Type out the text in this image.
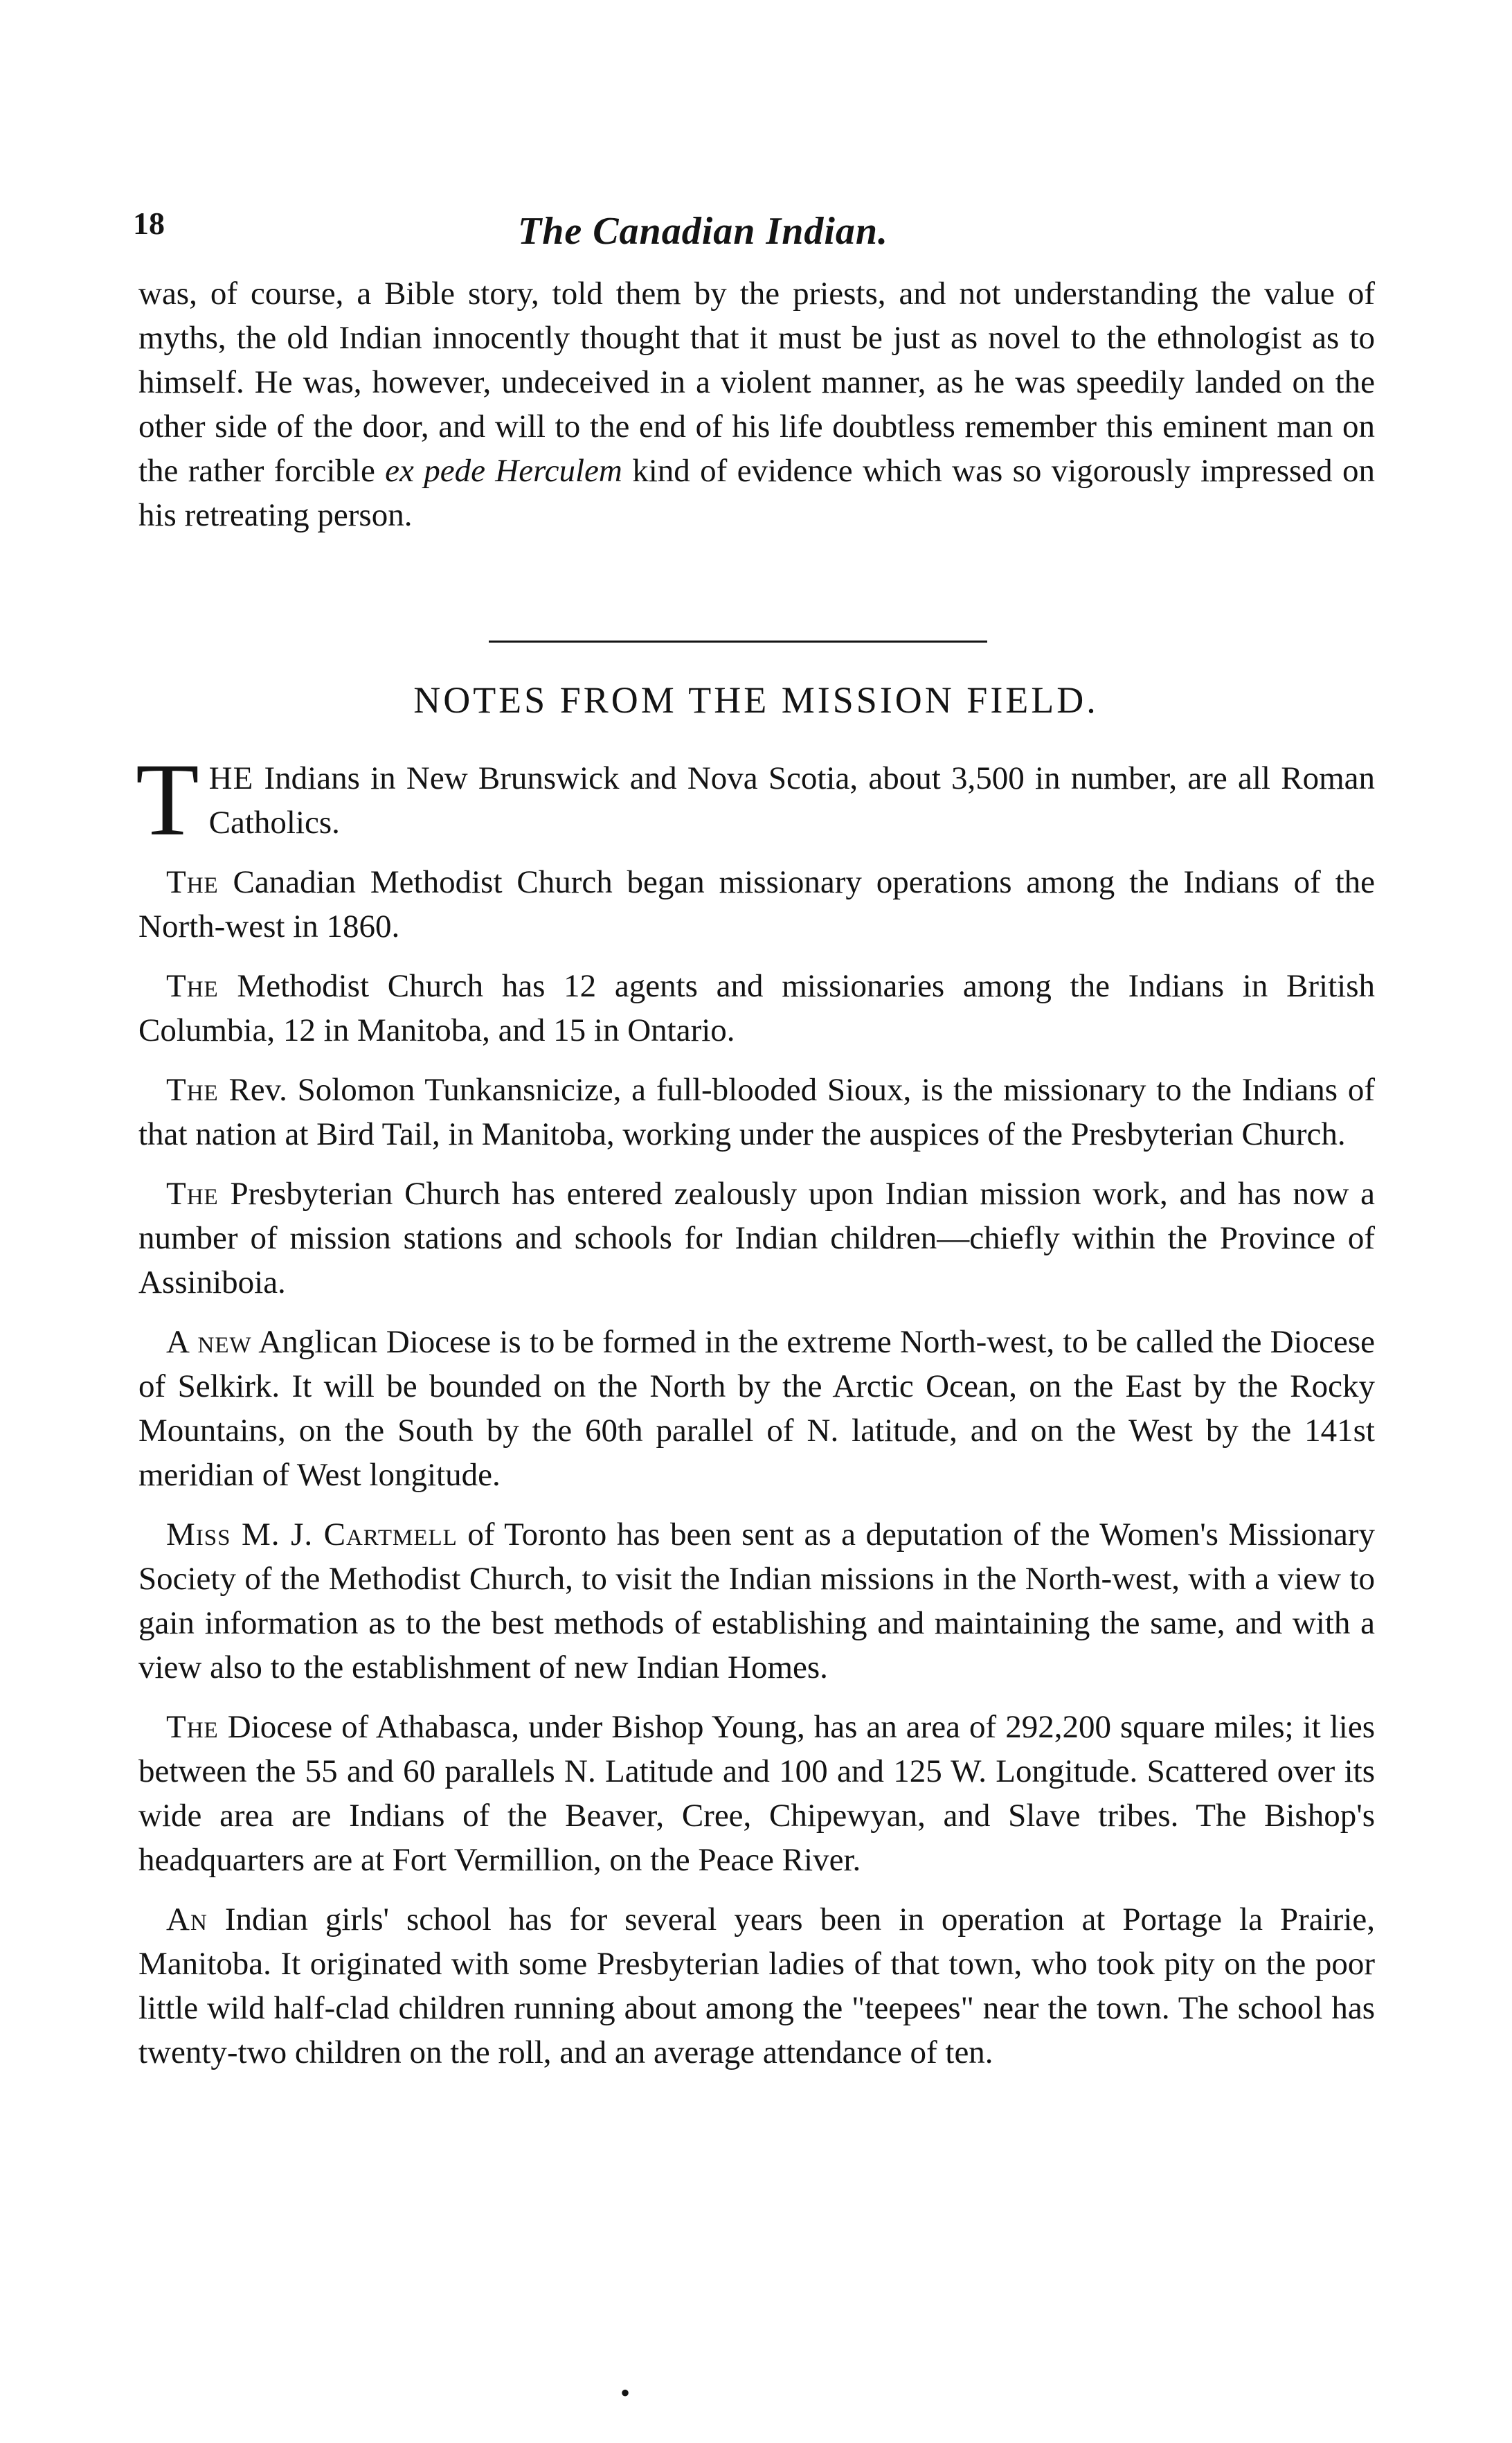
18	The Canadian Indian.
was, of course, a Bible story, told them by the priests, and not understanding the value of myths, the old Indian innocently thought that it must be just as novel to the ethnologist as to himself. He was, however, undeceived in a violent manner, as he was speedily landed on the other side of the door, and will to the end of his life doubtless remember this eminent man on the rather forcible ex pede Herculem kind of evidence which was so vigorously impressed on his retreating person.
NOTES FROM THE MISSION FIELD.

THE Indians in New Brunswick and Nova Scotia, about 3,500 in number, are all Roman Catholics.

The Canadian Methodist Church began missionary operations among the Indians of the North-west in 1860.

The Methodist Church has 12 agents and missionaries among the Indians in British Columbia, 12 in Manitoba, and 15 in Ontario.

The Rev. Solomon Tunkansnicize, a full-blooded Sioux, is the missionary to the Indians of that nation at Bird Tail, in Manitoba, working under the auspices of the Presbyterian Church.

The Presbyterian Church has entered zealously upon Indian mission work, and has now a number of mission stations and schools for Indian children—chiefly within the Province of Assiniboia.

A new Anglican Diocese is to be formed in the extreme North-west, to be called the Diocese of Selkirk. It will be bounded on the North by the Arctic Ocean, on the East by the Rocky Mountains, on the South by the 60th parallel of N. latitude, and on the West by the 141st meridian of West longitude.

Miss M. J. Cartmell of Toronto has been sent as a deputation of the Women's Missionary Society of the Methodist Church, to visit the Indian missions in the North-west, with a view to gain information as to the best methods of establishing and maintaining the same, and with a view also to the establishment of new Indian Homes.

The Diocese of Athabasca, under Bishop Young, has an area of 292,200 square miles; it lies between the 55 and 60 parallels N. Latitude and 100 and 125 W. Longitude. Scattered over its wide area are Indians of the Beaver, Cree, Chipewyan, and Slave tribes. The Bishop's headquarters are at Fort Vermillion, on the Peace River.

An Indian girls' school has for several years been in operation at Portage la Prairie, Manitoba. It originated with some Presbyterian ladies of that town, who took pity on the poor little wild half-clad children running about among the "teepees" near the town. The school has twenty-two children on the roll, and an average attendance of ten.

•
